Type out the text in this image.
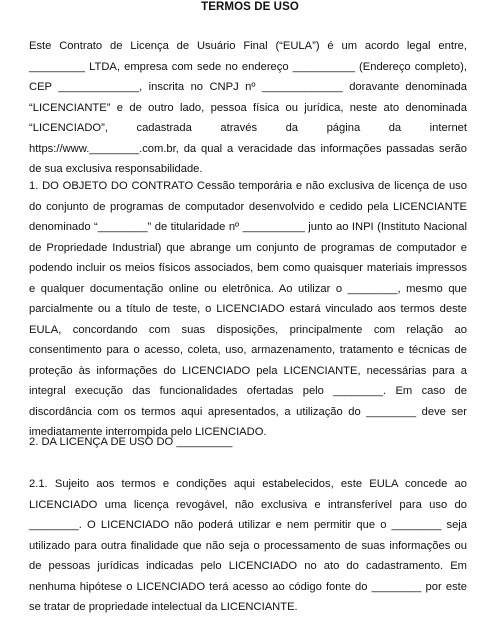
TERMOS DE USO

Este Contrato de Licença de Usuário Final (“EULA”) é um acordo legal entre, _________ LTDA, empresa com sede no endereço __________ (Endereço completo), CEP _____________, inscrita no CNPJ nº _____________ doravante denominada “LICENCIANTE” e de outro lado, pessoa física ou jurídica, neste ato denominada “LICENCIADO”, cadastrada através da página da internet https://www.________.com.br, da qual a veracidade das informações passadas serão de sua exclusiva responsabilidade.

1. DO OBJETO DO CONTRATO Cessão temporária e não exclusiva de licença de uso do conjunto de programas de computador desenvolvido e cedido pela LICENCIANTE denominado “________” de titularidade nº __________ junto ao INPI (Instituto Nacional de Propriedade Industrial) que abrange um conjunto de programas de computador e podendo incluir os meios físicos associados, bem como quaisquer materiais impressos e qualquer documentação online ou eletrônica. Ao utilizar o ________, mesmo que parcialmente ou a título de teste, o LICENCIADO estará vinculado aos termos deste EULA, concordando com suas disposições, principalmente com relação ao consentimento para o acesso, coleta, uso, armazenamento, tratamento e técnicas de proteção às informações do LICENCIADO pela LICENCIANTE, necessárias para a integral execução das funcionalidades ofertadas pelo ________. Em caso de discordância com os termos aqui apresentados, a utilização do ________ deve ser imediatamente interrompida pelo LICENCIADO.

2. DA LICENÇA DE USO DO _________

2.1. Sujeito aos termos e condições aqui estabelecidos, este EULA concede ao LICENCIADO uma licença revogável, não exclusiva e intransferível para uso do ________. O LICENCIADO não poderá utilizar e nem permitir que o ________ seja utilizado para outra finalidade que não seja o processamento de suas informações ou de pessoas jurídicas indicadas pelo LICENCIADO no ato do cadastramento. Em nenhuma hipótese o LICENCIADO terá acesso ao código fonte do ________ por este se tratar de propriedade intelectual da LICENCIANTE.
